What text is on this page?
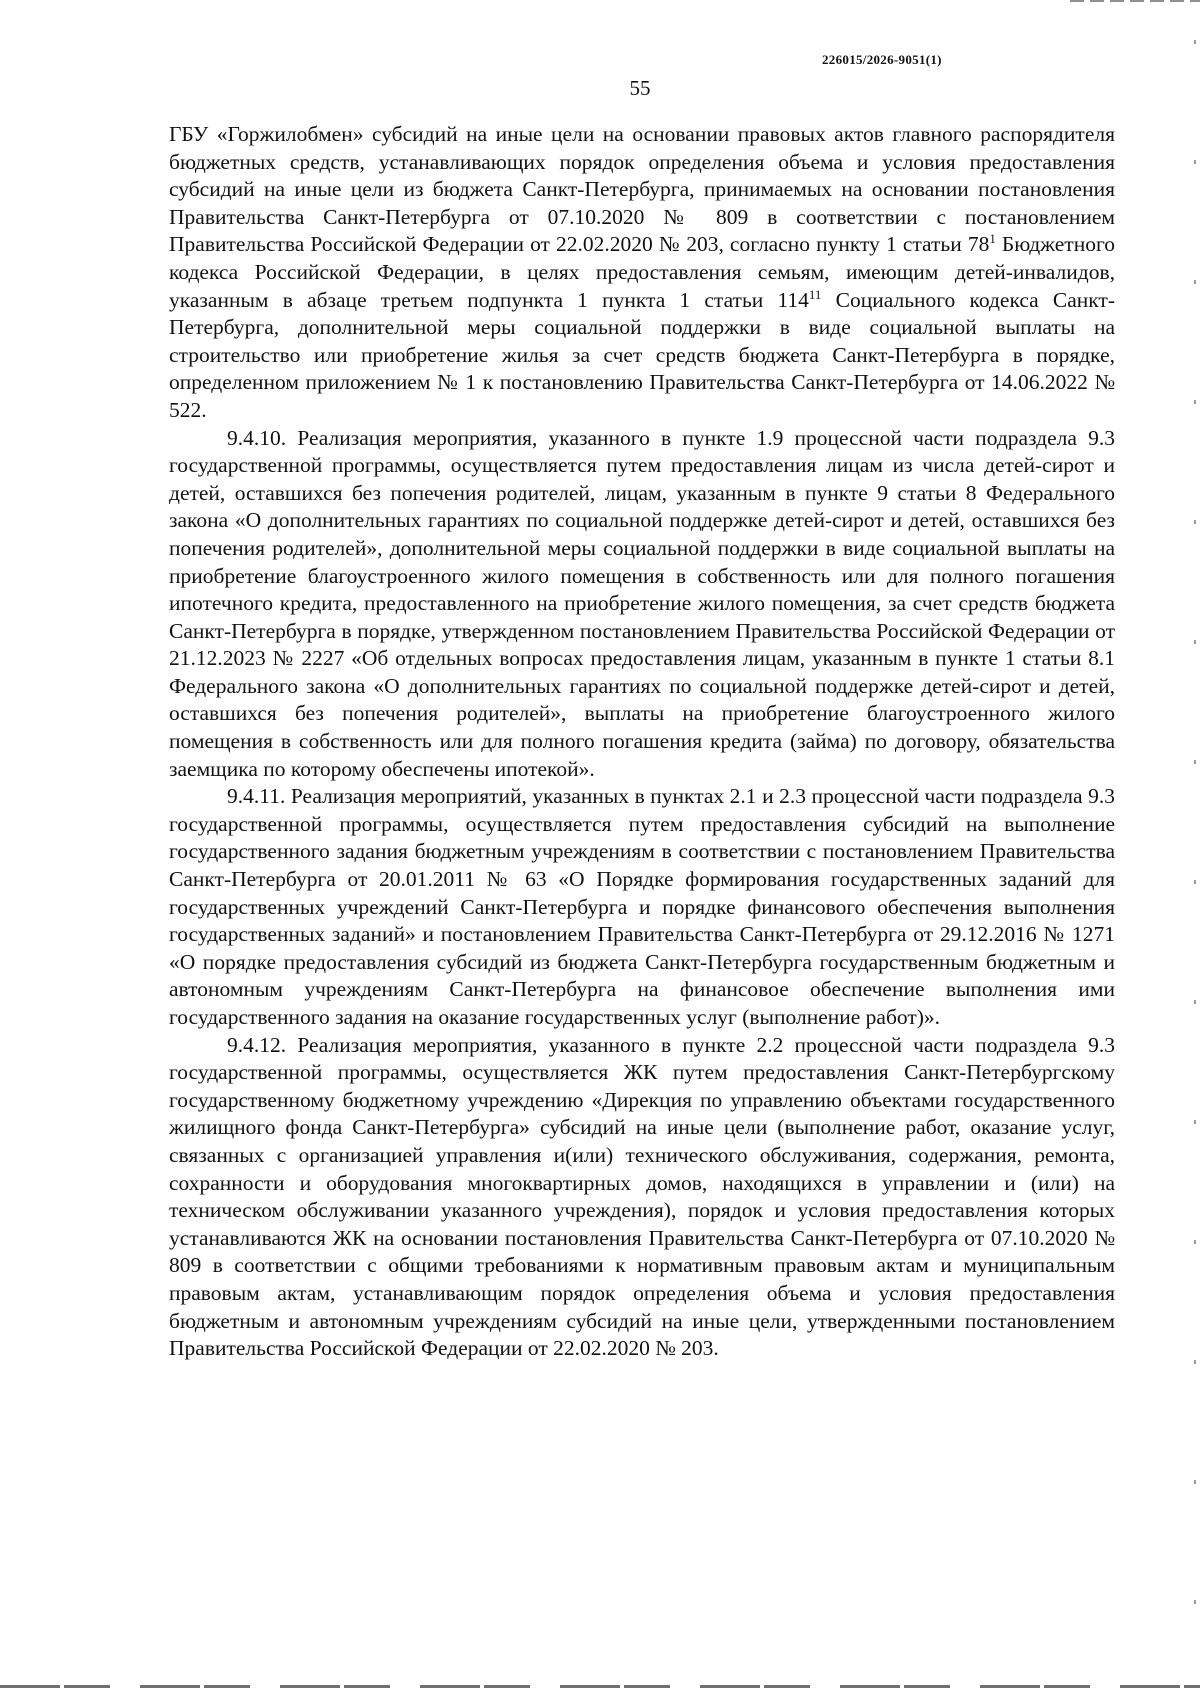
226015/2026-9051(1)
55

ГБУ «Горжилобмен» субсидий на иные цели на основании правовых актов главного распорядителя бюджетных средств, устанавливающих порядок определения объема и условия предоставления субсидий на иные цели из бюджета Санкт-Петербурга, принимаемых на основании постановления Правительства Санкт-Петербурга от 07.10.2020 № 809 в соответствии с постановлением Правительства Российской Федерации от 22.02.2020 № 203, согласно пункту 1 статьи $78^1$ Бюджетного кодекса Российской Федерации, в целях предоставления семьям, имеющим детей-инвалидов, указанным в абзаце третьем подпункта 1 пункта 1 статьи $114^{11}$ Социального кодекса Санкт-Петербурга, дополнительной меры социальной поддержки в виде социальной выплаты на строительство или приобретение жилья за счет средств бюджета Санкт-Петербурга в порядке, определенном приложением № 1 к постановлению Правительства Санкт-Петербурга от 14.06.2022 № 522.

9.4.10. Реализация мероприятия, указанного в пункте 1.9 процессной части подраздела 9.3 государственной программы, осуществляется путем предоставления лицам из числа детей-сирот и детей, оставшихся без попечения родителей, лицам, указанным в пункте 9 статьи 8 Федерального закона «О дополнительных гарантиях по социальной поддержке детей-сирот и детей, оставшихся без попечения родителей», дополнительной меры социальной поддержки в виде социальной выплаты на приобретение благоустроенного жилого помещения в собственность или для полного погашения ипотечного кредита, предоставленного на приобретение жилого помещения, за счет средств бюджета Санкт-Петербурга в порядке, утвержденном постановлением Правительства Российской Федерации от 21.12.2023 № 2227 «Об отдельных вопросах предоставления лицам, указанным в пункте 1 статьи 8.1 Федерального закона «О дополнительных гарантиях по социальной поддержке детей-сирот и детей, оставшихся без попечения родителей», выплаты на приобретение благоустроенного жилого помещения в собственность или для полного погашения кредита (займа) по договору, обязательства заемщика по которому обеспечены ипотекой».

9.4.11. Реализация мероприятий, указанных в пунктах 2.1 и 2.3 процессной части подраздела 9.3 государственной программы, осуществляется путем предоставления субсидий на выполнение государственного задания бюджетным учреждениям в соответствии с постановлением Правительства Санкт-Петербурга от 20.01.2011 № 63 «О Порядке формирования государственных заданий для государственных учреждений Санкт-Петербурга и порядке финансового обеспечения выполнения государственных заданий» и постановлением Правительства Санкт-Петербурга от 29.12.2016 № 1271 «О порядке предоставления субсидий из бюджета Санкт-Петербурга государственным бюджетным и автономным учреждениям Санкт-Петербурга на финансовое обеспечение выполнения ими государственного задания на оказание государственных услуг (выполнение работ)».

9.4.12. Реализация мероприятия, указанного в пункте 2.2 процессной части подраздела 9.3 государственной программы, осуществляется ЖК путем предоставления Санкт-Петербургскому государственному бюджетному учреждению «Дирекция по управлению объектами государственного жилищного фонда Санкт-Петербурга» субсидий на иные цели (выполнение работ, оказание услуг, связанных с организацией управления и(или) технического обслуживания, содержания, ремонта, сохранности и оборудования многоквартирных домов, находящихся в управлении и (или) на техническом обслуживании указанного учреждения), порядок и условия предоставления которых устанавливаются ЖК на основании постановления Правительства Санкт-Петербурга от 07.10.2020 № 809 в соответствии с общими требованиями к нормативным правовым актам и муниципальным правовым актам, устанавливающим порядок определения объема и условия предоставления бюджетным и автономным учреждениям субсидий на иные цели, утвержденными постановлением Правительства Российской Федерации от 22.02.2020 № 203.
